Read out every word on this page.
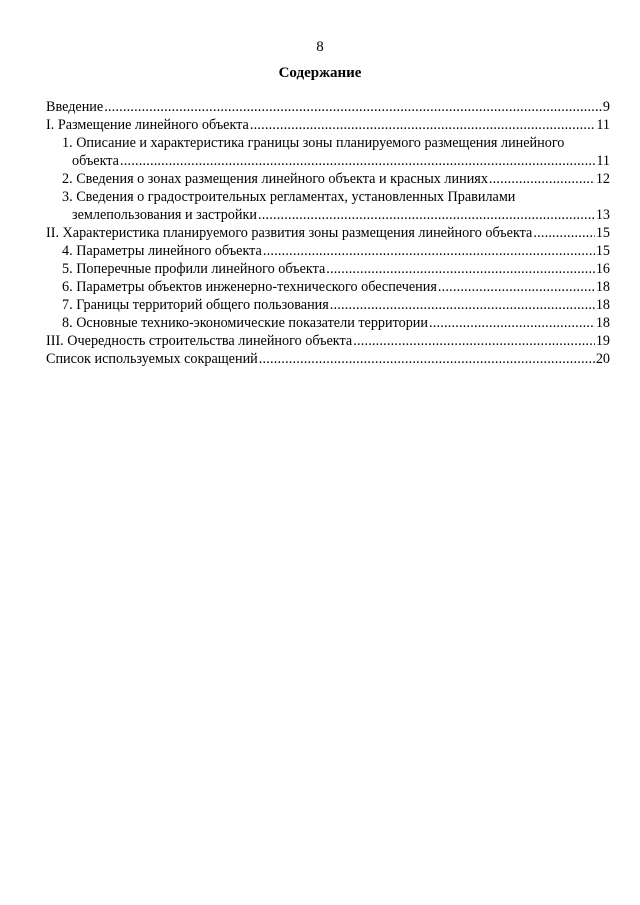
8
Содержание
Введение .....	9
I. Размещение линейного объекта .....	11
1. Описание и характеристика границы зоны планируемого размещения линейного
объекта .....	11
2. Сведения о зонах размещения линейного объекта и красных линиях .....	12
3. Сведения о градостроительных регламентах, установленных Правилами
землепользования и застройки .....	13
II. Характеристика планируемого развития зоны размещения линейного объекта .....	15
4. Параметры линейного объекта .....	15
5. Поперечные профили линейного объекта .....	16
6. Параметры объектов инженерно-технического обеспечения .....	18
7. Границы территорий общего пользования .....	18
8. Основные технико-экономические показатели территории .....	18
III. Очередность строительства линейного объекта .....	19
Список используемых сокращений .....	20
